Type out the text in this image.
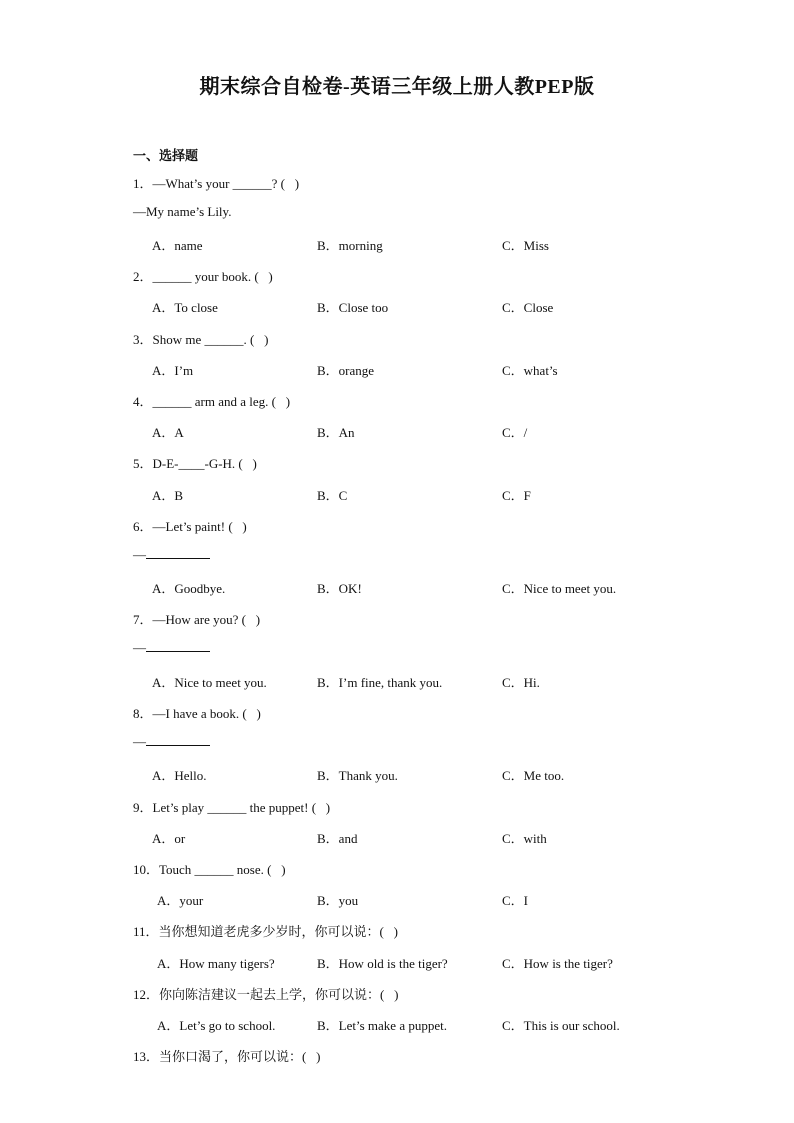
期末综合自检卷-英语三年级上册人教PEP版
一、选择题
1．—What’s your ______? (   )
—My name’s Lily.
A．name	B．morning	C．Miss
2．______ your book. (   )
A．To close	B．Close too	C．Close
3．Show me ______. (   )
A．I’m	B．orange	C．what’s
4．______ arm and a leg. (   )
A．A	B．An	C．/
5．D-E-____-G-H. (   )
A．B	B．C	C．F
6．—Let’s paint! (   )
—
A．Goodbye.	B．OK!	C．Nice to meet you.
7．—How are you? (   )
—
A．Nice to meet you.	B．I’m fine, thank you.	C．Hi.
8．—I have a book. (   )
—
A．Hello.	B．Thank you.	C．Me too.
9．Let’s play ______ the puppet! (   )
A．or	B．and	C．with
10．Touch ______ nose. (   )
A．your	B．you	C．I
11．当你想知道老虎多少岁时，你可以说：(   )
A．How many tigers?	B．How old is the tiger?	C．How is the tiger?
12．你向陈洁建议一起去上学，你可以说：(   )
A．Let’s go to school.	B．Let’s make a puppet.	C．This is our school.
13．当你口渴了，你可以说：(   )
